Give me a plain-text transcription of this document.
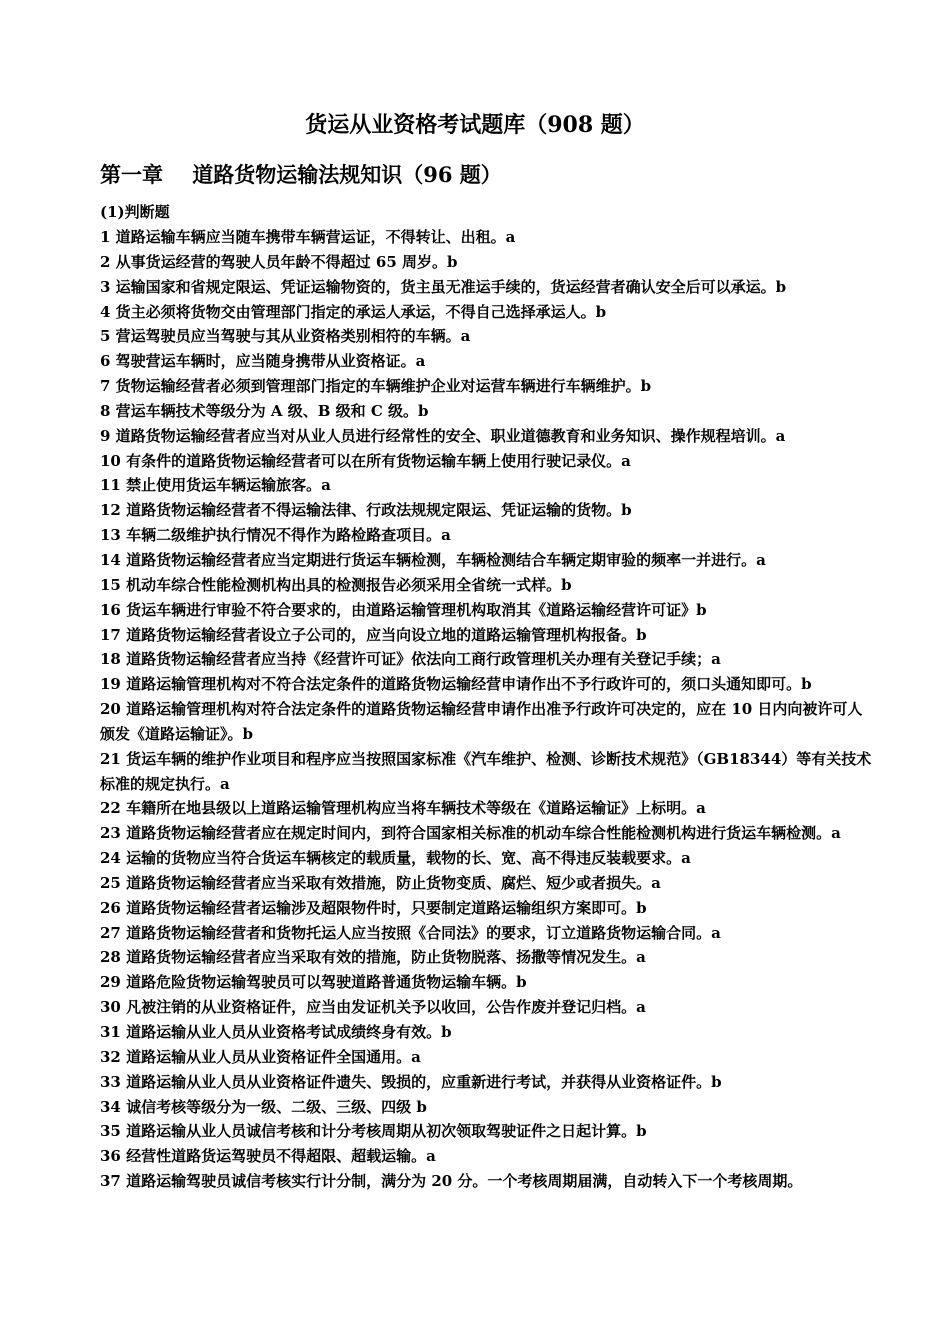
货运从业资格考试题库（908 题）
第一章    道路货物运输法规知识（96 题）
(1)判断题
1 道路运输车辆应当随车携带车辆营运证，不得转让、出租。a
2 从事货运经营的驾驶人员年龄不得超过 65 周岁。b
3 运输国家和省规定限运、凭证运输物资的，货主虽无准运手续的，货运经营者确认安全后可以承运。b
4 货主必须将货物交由管理部门指定的承运人承运，不得自己选择承运人。b
5 营运驾驶员应当驾驶与其从业资格类别相符的车辆。a
6 驾驶营运车辆时，应当随身携带从业资格证。a
7 货物运输经营者必须到管理部门指定的车辆维护企业对运营车辆进行车辆维护。b
8 营运车辆技术等级分为 A 级、B 级和 C 级。b
9 道路货物运输经营者应当对从业人员进行经常性的安全、职业道德教育和业务知识、操作规程培训。a
10 有条件的道路货物运输经营者可以在所有货物运输车辆上使用行驶记录仪。a
11 禁止使用货运车辆运输旅客。a
12 道路货物运输经营者不得运输法律、行政法规规定限运、凭证运输的货物。b
13 车辆二级维护执行情况不得作为路检路查项目。a
14 道路货物运输经营者应当定期进行货运车辆检测，车辆检测结合车辆定期审验的频率一并进行。a
15 机动车综合性能检测机构出具的检测报告必须采用全省统一式样。b
16 货运车辆进行审验不符合要求的，由道路运输管理机构取消其《道路运输经营许可证》b
17 道路货物运输经营者设立子公司的，应当向设立地的道路运输管理机构报备。b
18 道路货物运输经营者应当持《经营许可证》依法向工商行政管理机关办理有关登记手续；a
19 道路运输管理机构对不符合法定条件的道路货物运输经营申请作出不予行政许可的，须口头通知即可。b
20 道路运输管理机构对符合法定条件的道路货物运输经营申请作出准予行政许可决定的，应在 10 日内向被许可人颁发《道路运输证》。b
21 货运车辆的维护作业项目和程序应当按照国家标准《汽车维护、检测、诊断技术规范》（GB18344）等有关技术标准的规定执行。a
22 车籍所在地县级以上道路运输管理机构应当将车辆技术等级在《道路运输证》上标明。a
23 道路货物运输经营者应在规定时间内，到符合国家相关标准的机动车综合性能检测机构进行货运车辆检测。a
24 运输的货物应当符合货运车辆核定的载质量，载物的长、宽、高不得违反装载要求。a
25 道路货物运输经营者应当采取有效措施，防止货物变质、腐烂、短少或者损失。a
26 道路货物运输经营者运输涉及超限物件时，只要制定道路运输组织方案即可。b
27 道路货物运输经营者和货物托运人应当按照《合同法》的要求，订立道路货物运输合同。a
28 道路货物运输经营者应当采取有效的措施，防止货物脱落、扬撒等情况发生。a
29 道路危险货物运输驾驶员可以驾驶道路普通货物运输车辆。b
30 凡被注销的从业资格证件，应当由发证机关予以收回，公告作废并登记归档。a
31 道路运输从业人员从业资格考试成绩终身有效。b
32 道路运输从业人员从业资格证件全国通用。a
33 道路运输从业人员从业资格证件遗失、毁损的，应重新进行考试，并获得从业资格证件。b
34 诚信考核等级分为一级、二级、三级、四级 b
35 道路运输从业人员诚信考核和计分考核周期从初次领取驾驶证件之日起计算。b
36 经营性道路货运驾驶员不得超限、超载运输。a
37 道路运输驾驶员诚信考核实行计分制，满分为 20 分。一个考核周期届满，自动转入下一个考核周期。
